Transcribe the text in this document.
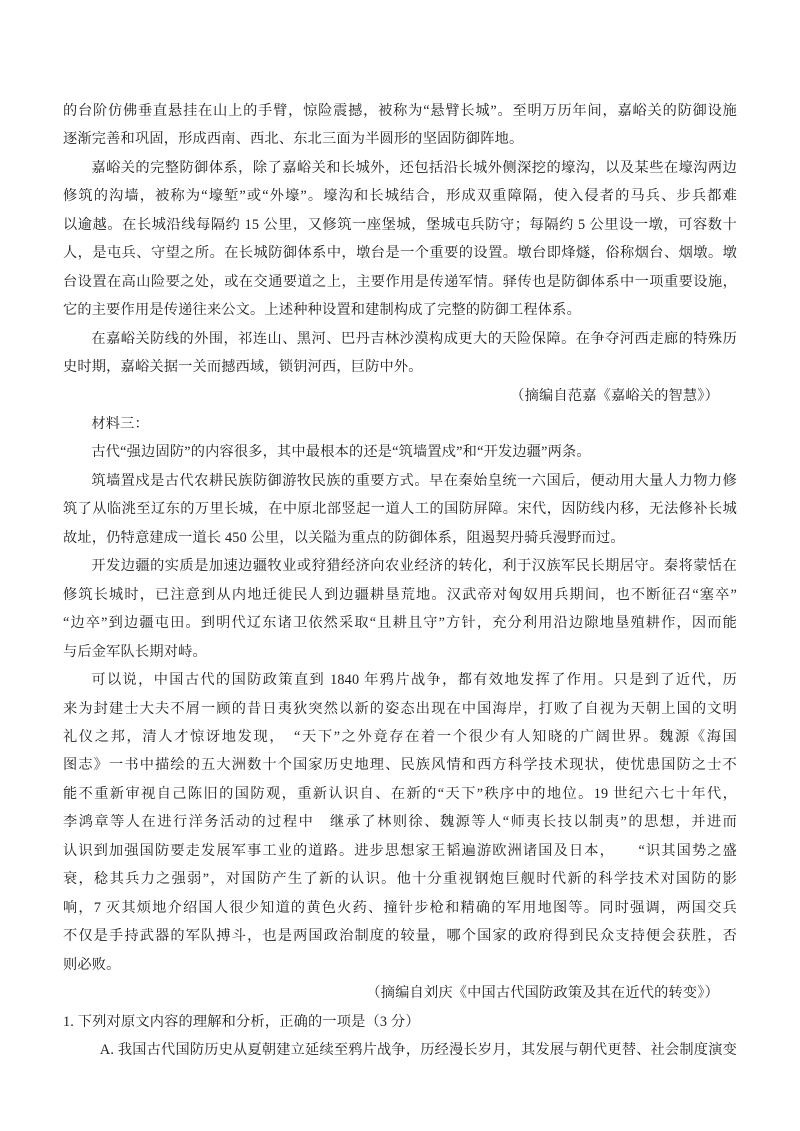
的台阶仿佛垂直悬挂在山上的手臂，惊险震撼，被称为“悬臂长城”。至明万历年间，嘉峪关的防御设施
逐渐完善和巩固，形成西南、西北、东北三面为半圆形的坚固防御阵地。
嘉峪关的完整防御体系，除了嘉峪关和长城外，还包括沿长城外侧深挖的壕沟，以及某些在壕沟两边
修筑的沟墙，被称为“壕堑”或“外壕”。壕沟和长城结合，形成双重障隔，使入侵者的马兵、步兵都难
以逾越。在长城沿线每隔约 15 公里，又修筑一座堡城，堡城屯兵防守；每隔约 5 公里设一墩，可容数十
人，是屯兵、守望之所。在长城防御体系中，墩台是一个重要的设置。墩台即烽燧，俗称烟台、烟墩。墩
台设置在高山险要之处，或在交通要道之上，主要作用是传递军情。驿传也是防御体系中一项重要设施，
它的主要作用是传递往来公文。上述种种设置和建制构成了完整的防御工程体系。
在嘉峪关防线的外围，祁连山、黑河、巴丹吉林沙漠构成更大的天险保障。在争夺河西走廊的特殊历
史时期，嘉峪关据一关而撼西域，锁钥河西，巨防中外。
（摘编自范嘉《嘉峪关的智慧》）
材料三：
古代“强边固防”的内容很多，其中最根本的还是“筑墙置戍”和“开发边疆”两条。
筑墙置戍是古代农耕民族防御游牧民族的重要方式。早在秦始皇统一六国后，便动用大量人力物力修
筑了从临洮至辽东的万里长城，在中原北部竖起一道人工的国防屏障。宋代，因防线内移，无法修补长城
故址，仍特意建成一道长 450 公里，以关隘为重点的防御体系，阻遏契丹骑兵漫野而过。
开发边疆的实质是加速边疆牧业或狩猎经济向农业经济的转化，利于汉族军民长期居守。秦将蒙恬在
修筑长城时，已注意到从内地迁徙民人到边疆耕垦荒地。汉武帝对匈奴用兵期间，也不断征召“塞卒”
“边卒”到边疆屯田。到明代辽东诸卫依然采取“且耕且守”方针，充分利用沿边隙地垦殖耕作，因而能
与后金军队长期对峙。
可以说，中国古代的国防政策直到 1840 年鸦片战争，都有效地发挥了作用。只是到了近代，历
来为封建士大夫不屑一顾的昔日夷狄突然以新的姿态出现在中国海岸，打败了自视为天朝上国的文明
礼仪之邦，清人才惊讶地发现，　“天下”之外竟存在着一个很少有人知晓的广阔世界。魏源《海国
图志》一书中描绘的五大洲数十个国家历史地理、民族风情和西方科学技术现状，使忧患国防之士不
能不重新审视自己陈旧的国防观，重新认识自、在新的“天下”秩序中的地位。19 世纪六七十年代，
李鸿章等人在进行洋务活动的过程中　继承了林则徐、魏源等人“师夷长技以制夷”的思想，并进而
认识到加强国防要走发展军事工业的道路。进步思想家王韬遍游欧洲诸国及日本，　　“识其国势之盛
衰，稔其兵力之强弱”，对国防产生了新的认识。他十分重视钢炮巨舰时代新的科学技术对国防的影
响，7 灭其烦地介绍国人很少知道的黄色火药、撞针步枪和精确的军用地图等。同时强调，两国交兵
不仅是手持武器的军队搏斗，也是两国政治制度的较量，哪个国家的政府得到民众支持便会获胜，否
则必败。
（摘编自刘庆《中国古代国防政策及其在近代的转变》）
1. 下列对原文内容的理解和分析，正确的一项是（3 分）
A. 我国古代国防历史从夏朝建立延续至鸦片战争，历经漫长岁月，其发展与朝代更替、社会制度演变
